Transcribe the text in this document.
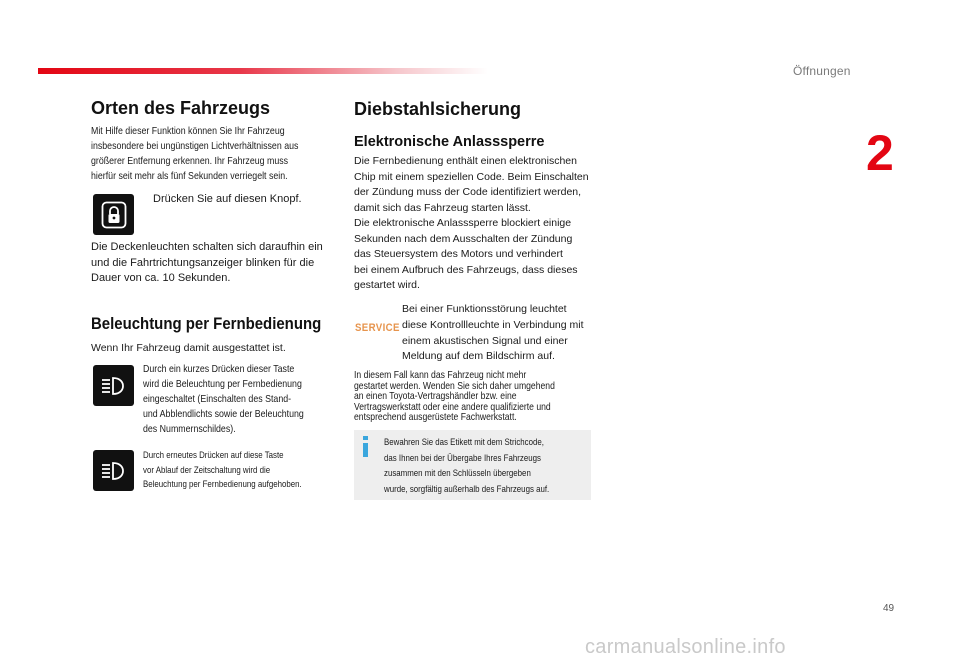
Öffnungen
2
Orten des Fahrzeugs
Mit Hilfe dieser Funktion können Sie Ihr Fahrzeug
insbesondere bei ungünstigen Lichtverhältnissen aus
größerer Entfernung erkennen. Ihr Fahrzeug muss
hierfür seit mehr als fünf Sekunden verriegelt sein.
Drücken Sie auf diesen Knopf.
Die Deckenleuchten schalten sich daraufhin ein
und die Fahrtrichtungsanzeiger blinken für die
Dauer von ca. 10 Sekunden.
Beleuchtung per Fernbedienung
Wenn Ihr Fahrzeug damit ausgestattet ist.
Durch ein kurzes Drücken dieser Taste
wird die Beleuchtung per Fernbedienung
eingeschaltet (Einschalten des Stand-
und Abblendlichts sowie der Beleuchtung
des Nummernschildes).
Durch erneutes Drücken auf diese Taste
vor Ablauf der Zeitschaltung wird die
Beleuchtung per Fernbedienung aufgehoben.
Diebstahlsicherung
Elektronische Anlasssperre
Die Fernbedienung enthält einen elektronischen
Chip mit einem speziellen Code. Beim Einschalten
der Zündung muss der Code identifiziert werden,
damit sich das Fahrzeug starten lässt.
Die elektronische Anlasssperre blockiert einige
Sekunden nach dem Ausschalten der Zündung
das Steuersystem des Motors und verhindert
bei einem Aufbruch des Fahrzeugs, dass dieses
gestartet wird.
SERVICE
Bei einer Funktionsstörung leuchtet
diese Kontrollleuchte in Verbindung mit
einem akustischen Signal und einer
Meldung auf dem Bildschirm auf.
In diesem Fall kann das Fahrzeug nicht mehr
gestartet werden. Wenden Sie sich daher umgehend
an einen Toyota-Vertragshändler bzw. eine
Vertragswerkstatt oder eine andere qualifizierte und
entsprechend ausgerüstete Fachwerkstatt.
Bewahren Sie das Etikett mit dem Strichcode,
das Ihnen bei der Übergabe Ihres Fahrzeugs
zusammen mit den Schlüsseln übergeben
wurde, sorgfältig außerhalb des Fahrzeugs auf.
49
carmanualsonline.info
